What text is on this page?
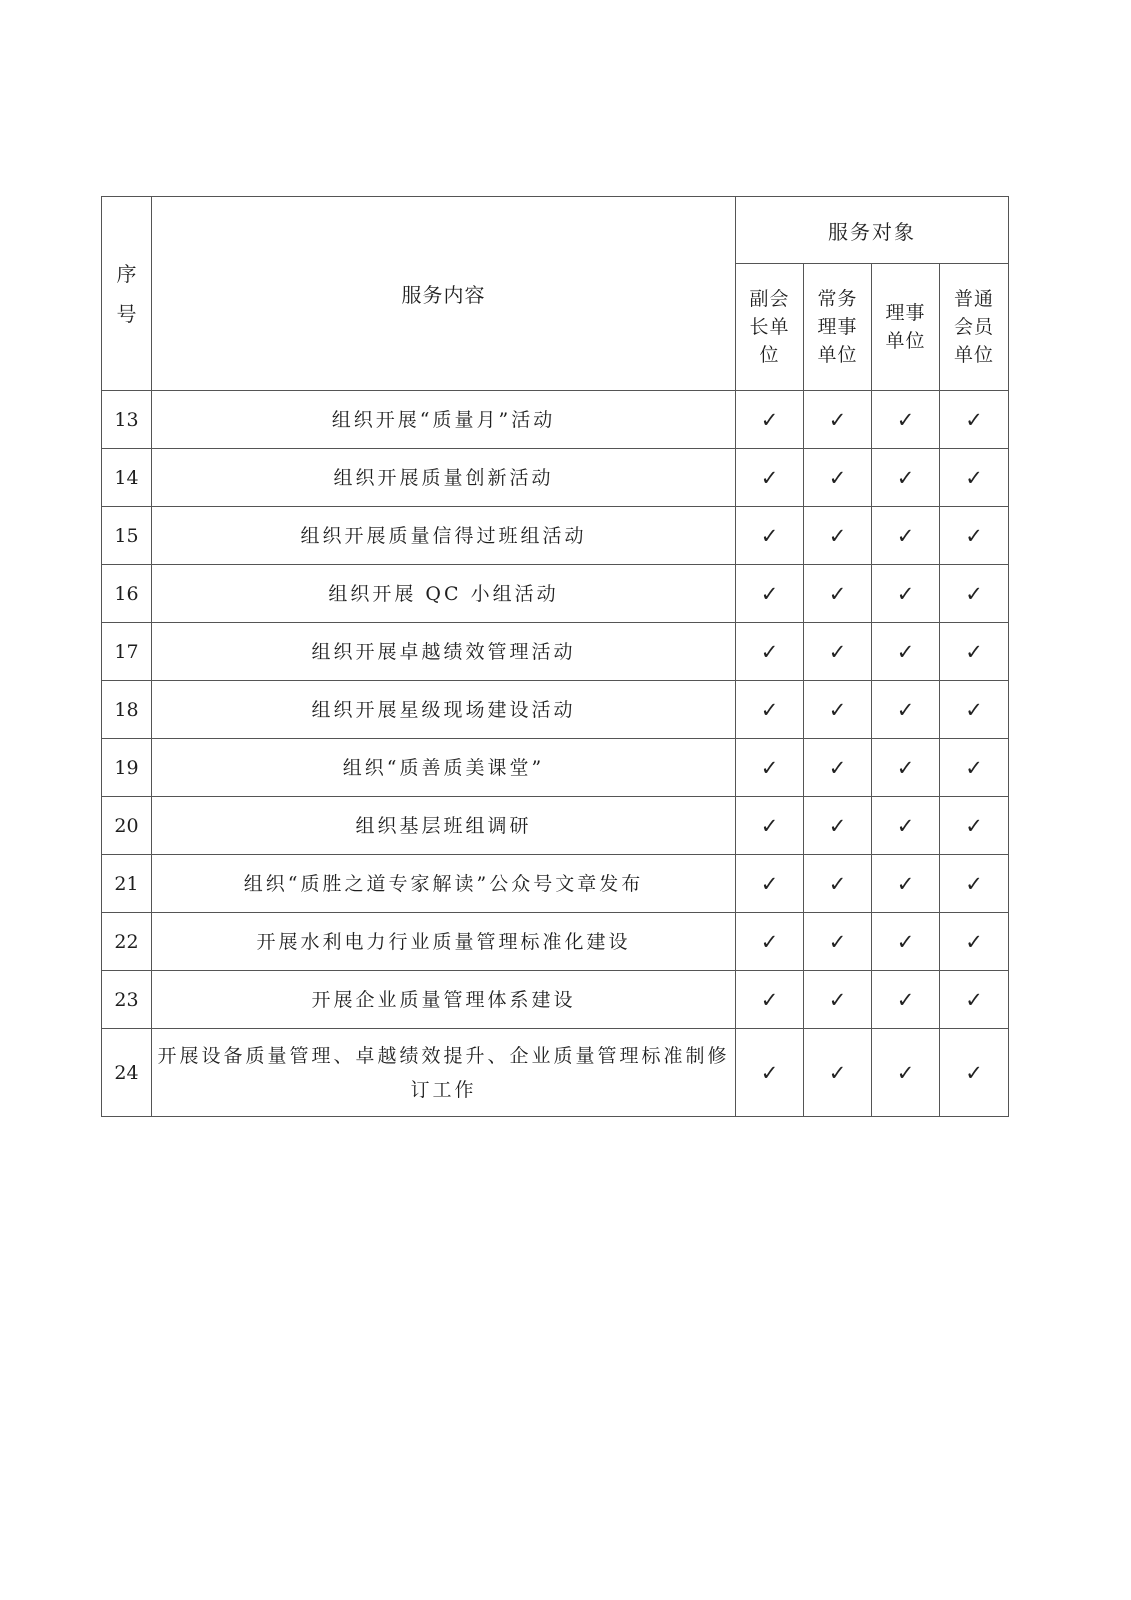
序号	服务内容	服务对象			
		副会长单位	常务理事单位	理事单位	普通会员单位
13	组织开展“质量月”活动	✓	✓	✓	✓
14	组织开展质量创新活动	✓	✓	✓	✓
15	组织开展质量信得过班组活动	✓	✓	✓	✓
16	组织开展 QC 小组活动	✓	✓	✓	✓
17	组织开展卓越绩效管理活动	✓	✓	✓	✓
18	组织开展星级现场建设活动	✓	✓	✓	✓
19	组织“质善质美课堂”	✓	✓	✓	✓
20	组织基层班组调研	✓	✓	✓	✓
21	组织“质胜之道专家解读”公众号文章发布	✓	✓	✓	✓
22	开展水利电力行业质量管理标准化建设	✓	✓	✓	✓
23	开展企业质量管理体系建设	✓	✓	✓	✓
24	开展设备质量管理、卓越绩效提升、企业质量管理标准制修订工作	✓	✓	✓	✓
